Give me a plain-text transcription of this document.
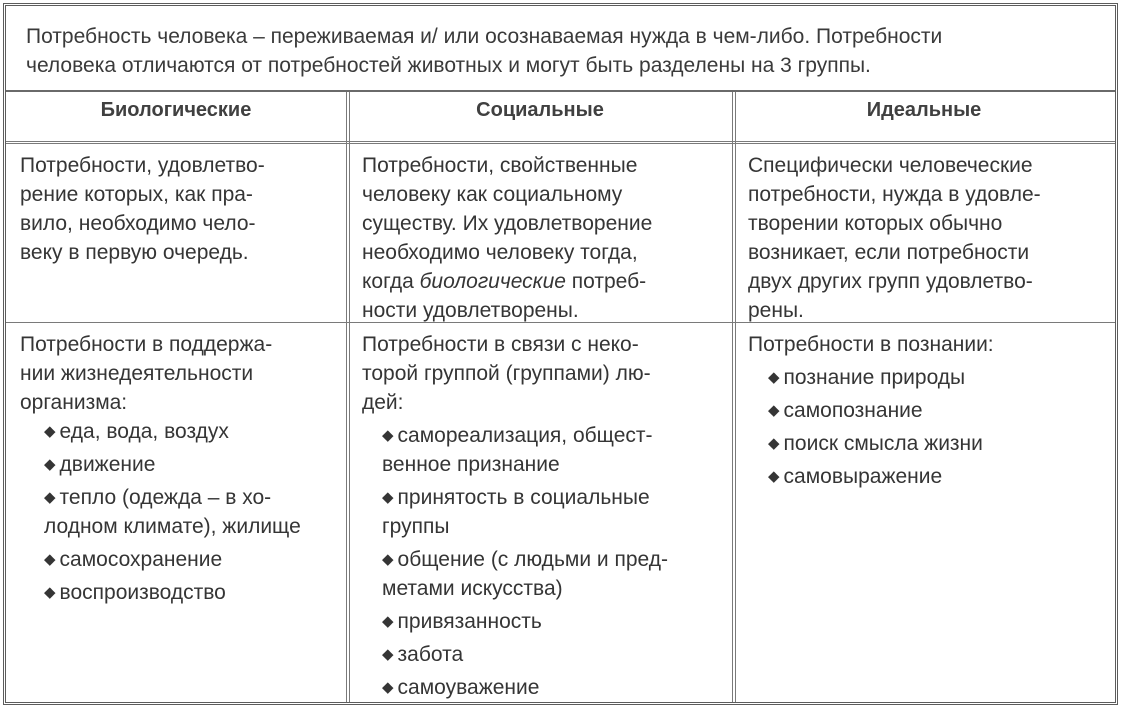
Потребность человека – переживаемая и/ или осознаваемая нужда в чем-либо. Потребности
человека отличаются от потребностей животных и могут быть разделены на 3 группы.

Биологические	Социальные	Идеальные

Потребности, удовлетво-
рение которых, как пра-
вило, необходимо чело-
веку в первую очередь.

Потребности, свойственные
человеку как социальному
существу. Их удовлетворение
необходимо человеку тогда,
когда биологические потреб-
ности удовлетворены.

Специфически человеческие
потребности, нужда в удовле-
творении которых обычно
возникает, если потребности
двух других групп удовлетво-
рены.

Потребности в поддержа-
нии жизнедеятельности
организма:

◆ еда, вода, воздух
◆ движение
◆ тепло (одежда – в хо-
лодном климате), жилище
◆ самосохранение
◆ воспроизводство

Потребности в связи с неко-
торой группой (группами) лю-
дей:

◆ самореализация, общест-
венное признание
◆ принятость в социальные
группы
◆ общение (с людьми и пред-
метами искусства)
◆ привязанность
◆ забота
◆ самоуважение

Потребности в познании:

◆ познание природы
◆ самопознание
◆ поиск смысла жизни
◆ самовыражение
